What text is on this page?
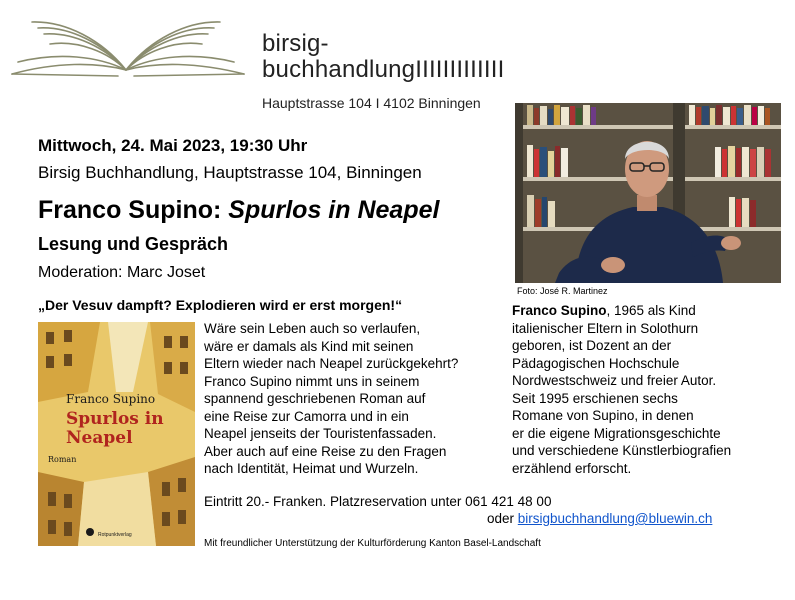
birsig-
buchhandlungIIIIIIIIIIIII
Hauptstrasse 104 I 4102 Binningen
Mittwoch, 24. Mai 2023, 19:30 Uhr
Birsig Buchhandlung, Hauptstrasse 104, Binningen
Franco Supino: Spurlos in Neapel
Lesung und Gespräch
Moderation: Marc Joset
„Der Vesuv dampft? Explodieren wird er erst morgen!“
Foto: José R. Martinez
Franco Supino
Spurlos in
Neapel
Roman
Rotpunktverlag
Wäre sein Leben auch so verlaufen,
wäre er damals als Kind mit seinen
Eltern wieder nach Neapel zurückgekehrt?
Franco Supino nimmt uns in seinem
spannend geschriebenen Roman auf
eine Reise zur Camorra und in ein
Neapel jenseits der Touristenfassaden.
Aber auch auf eine Reise zu den Fragen
nach Identität, Heimat und Wurzeln.
Franco Supino, 1965 als Kind
italienischer Eltern in Solothurn
geboren, ist Dozent an der
Pädagogischen Hochschule
Nordwestschweiz und freier Autor.
Seit 1995 erschienen sechs
Romane von Supino, in denen
er die eigene Migrationsgeschichte
und verschiedene Künstlerbiografien
erzählend erforscht.
Eintritt 20.- Franken. Platzreservation unter 061 421 48 00
oder birsigbuchhandlung@bluewin.ch
Mit freundlicher Unterstützung der Kulturförderung Kanton Basel-Landschaft
